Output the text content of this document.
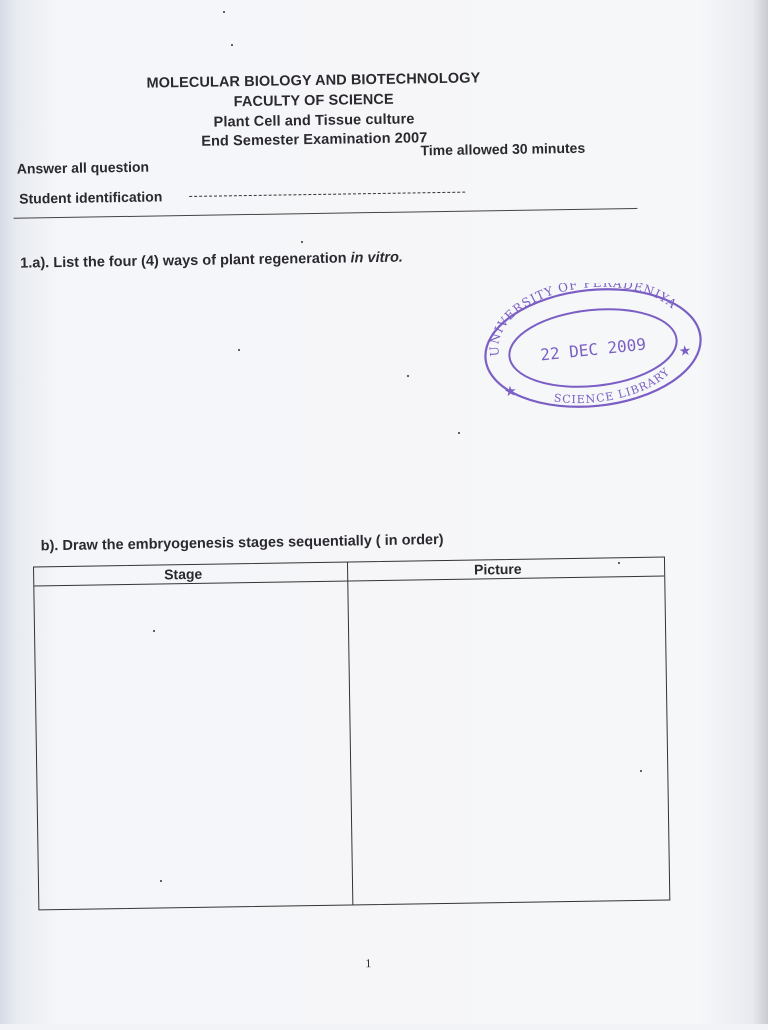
MOLECULAR BIOLOGY AND BIOTECHNOLOGY
FACULTY OF SCIENCE
Plant Cell and Tissue culture
End Semester Examination 2007
Answer all question
Time allowed 30 minutes
Student identification
1.a). List the four (4) ways of plant regeneration in vitro.
b). Draw the embryogenesis stages sequentially ( in order)
Stage	Picture
1
UNIVERSITY OF PERADENIYA
SCIENCE LIBRARY
★
★
22 DEC 2009
